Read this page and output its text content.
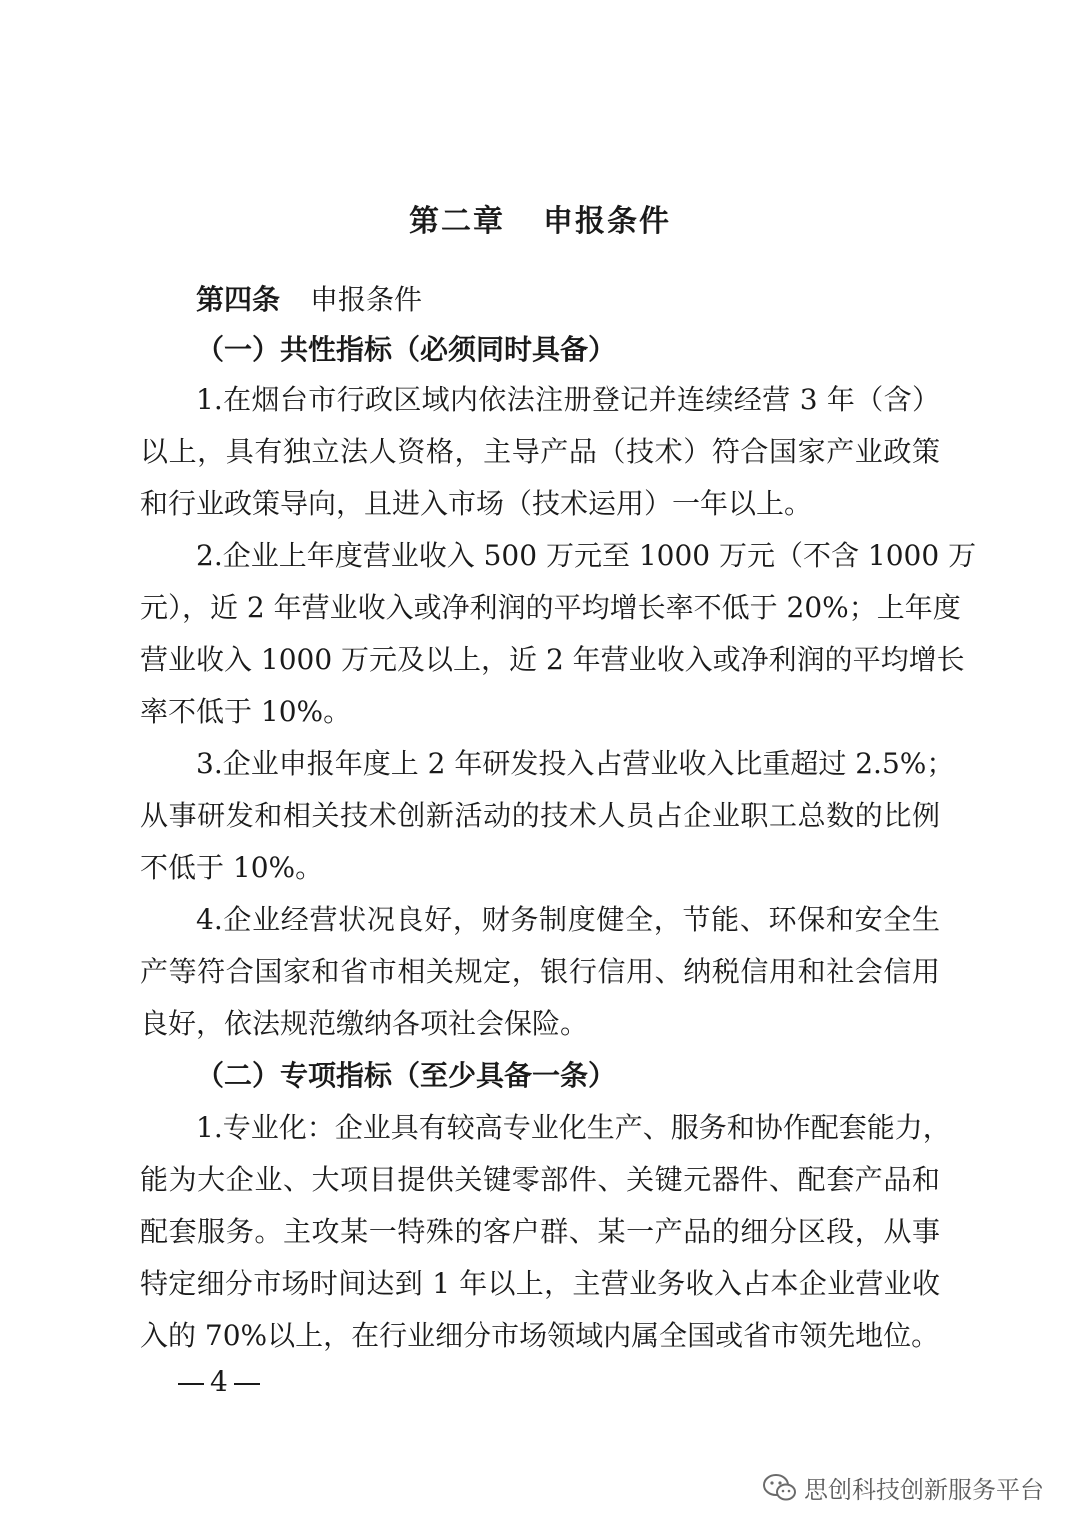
第二章 申报条件
第四条 申报条件
（一）共性指标（必须同时具备）
1.在烟台市行政区域内依法注册登记并连续经营 3 年（含）
以上，具有独立法人资格，主导产品（技术）符合国家产业政策
和行业政策导向，且进入市场（技术运用）一年以上。
2.企业上年度营业收入 500 万元至 1000 万元（不含 1000 万
元），近 2 年营业收入或净利润的平均增长率不低于 20%；上年度
营业收入 1000 万元及以上，近 2 年营业收入或净利润的平均增长
率不低于 10%。
3.企业申报年度上 2 年研发投入占营业收入比重超过 2.5%；
从事研发和相关技术创新活动的技术人员占企业职工总数的比例
不低于 10%。
4.企业经营状况良好，财务制度健全，节能、环保和安全生
产等符合国家和省市相关规定，银行信用、纳税信用和社会信用
良好，依法规范缴纳各项社会保险。
（二）专项指标（至少具备一条）
1.专业化：企业具有较高专业化生产、服务和协作配套能力，
能为大企业、大项目提供关键零部件、关键元器件、配套产品和
配套服务。主攻某一特殊的客户群、某一产品的细分区段，从事
特定细分市场时间达到 1 年以上，主营业务收入占本企业营业收
入的 70%以上，在行业细分市场领域内属全国或省市领先地位。
4
思创科技创新服务平台
